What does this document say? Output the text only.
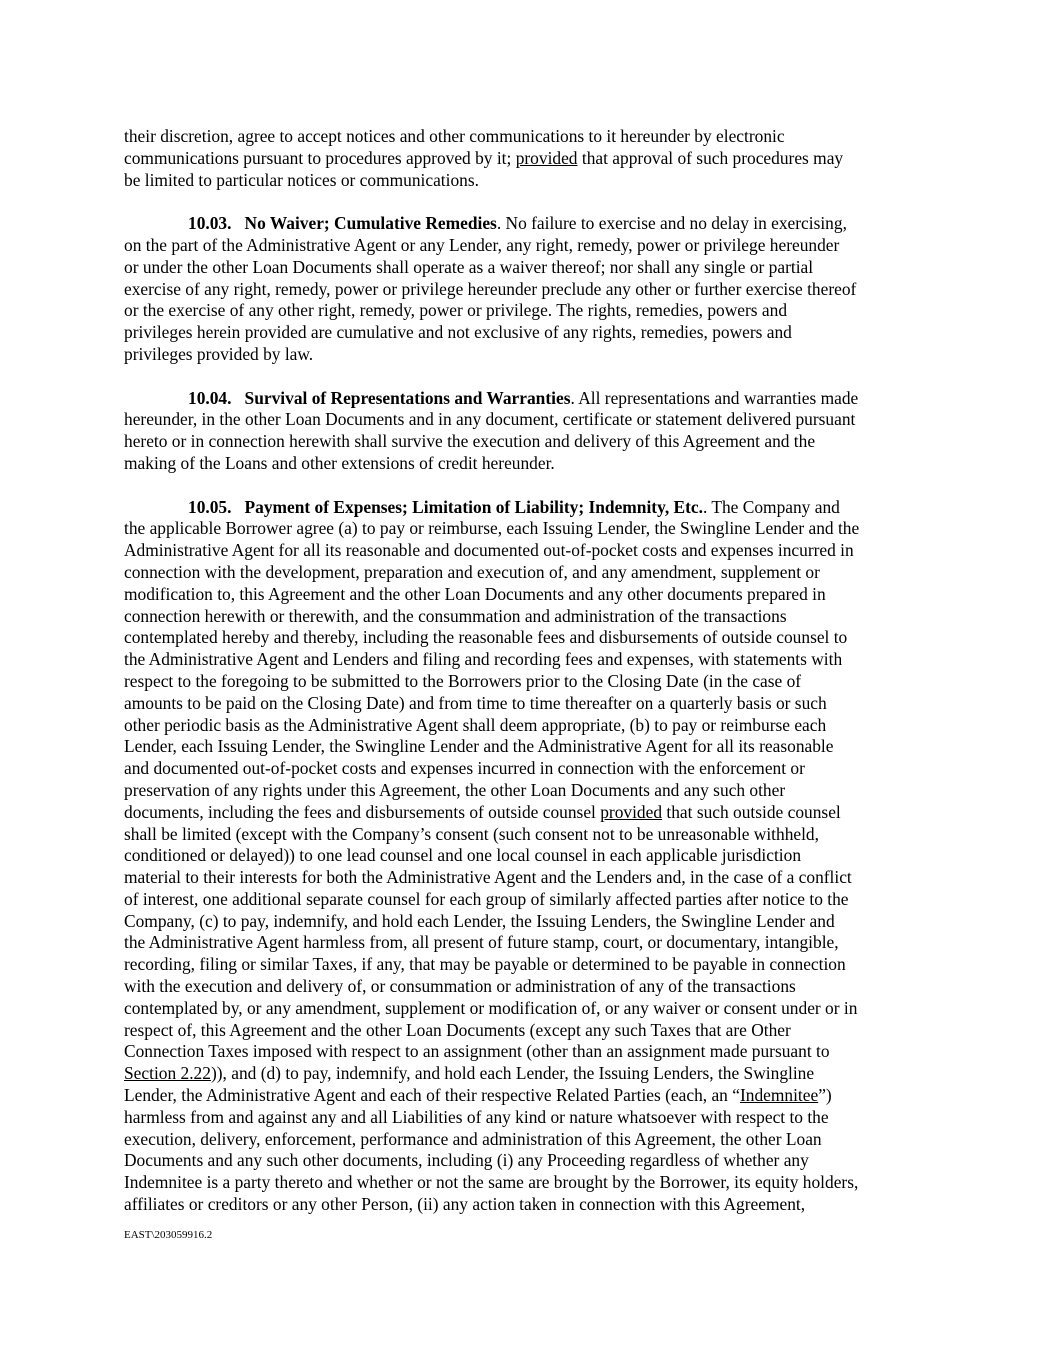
their discretion, agree to accept notices and other communications to it hereunder by electronic
communications pursuant to procedures approved by it; provided that approval of such procedures may
be limited to particular notices or communications.
10.03. No Waiver; Cumulative Remedies. No failure to exercise and no delay in exercising,
on the part of the Administrative Agent or any Lender, any right, remedy, power or privilege hereunder
or under the other Loan Documents shall operate as a waiver thereof; nor shall any single or partial
exercise of any right, remedy, power or privilege hereunder preclude any other or further exercise thereof
or the exercise of any other right, remedy, power or privilege. The rights, remedies, powers and
privileges herein provided are cumulative and not exclusive of any rights, remedies, powers and
privileges provided by law.
10.04. Survival of Representations and Warranties. All representations and warranties made
hereunder, in the other Loan Documents and in any document, certificate or statement delivered pursuant
hereto or in connection herewith shall survive the execution and delivery of this Agreement and the
making of the Loans and other extensions of credit hereunder.
10.05. Payment of Expenses; Limitation of Liability; Indemnity, Etc.. The Company and
the applicable Borrower agree (a) to pay or reimburse, each Issuing Lender, the Swingline Lender and the
Administrative Agent for all its reasonable and documented out-of-pocket costs and expenses incurred in
connection with the development, preparation and execution of, and any amendment, supplement or
modification to, this Agreement and the other Loan Documents and any other documents prepared in
connection herewith or therewith, and the consummation and administration of the transactions
contemplated hereby and thereby, including the reasonable fees and disbursements of outside counsel to
the Administrative Agent and Lenders and filing and recording fees and expenses, with statements with
respect to the foregoing to be submitted to the Borrowers prior to the Closing Date (in the case of
amounts to be paid on the Closing Date) and from time to time thereafter on a quarterly basis or such
other periodic basis as the Administrative Agent shall deem appropriate, (b) to pay or reimburse each
Lender, each Issuing Lender, the Swingline Lender and the Administrative Agent for all its reasonable
and documented out-of-pocket costs and expenses incurred in connection with the enforcement or
preservation of any rights under this Agreement, the other Loan Documents and any such other
documents, including the fees and disbursements of outside counsel provided that such outside counsel
shall be limited (except with the Company’s consent (such consent not to be unreasonable withheld,
conditioned or delayed)) to one lead counsel and one local counsel in each applicable jurisdiction
material to their interests for both the Administrative Agent and the Lenders and, in the case of a conflict
of interest, one additional separate counsel for each group of similarly affected parties after notice to the
Company, (c) to pay, indemnify, and hold each Lender, the Issuing Lenders, the Swingline Lender and
the Administrative Agent harmless from, all present of future stamp, court, or documentary, intangible,
recording, filing or similar Taxes, if any, that may be payable or determined to be payable in connection
with the execution and delivery of, or consummation or administration of any of the transactions
contemplated by, or any amendment, supplement or modification of, or any waiver or consent under or in
respect of, this Agreement and the other Loan Documents (except any such Taxes that are Other
Connection Taxes imposed with respect to an assignment (other than an assignment made pursuant to
Section 2.22)), and (d) to pay, indemnify, and hold each Lender, the Issuing Lenders, the Swingline
Lender, the Administrative Agent and each of their respective Related Parties (each, an “Indemnitee”)
harmless from and against any and all Liabilities of any kind or nature whatsoever with respect to the
execution, delivery, enforcement, performance and administration of this Agreement, the other Loan
Documents and any such other documents, including (i) any Proceeding regardless of whether any
Indemnitee is a party thereto and whether or not the same are brought by the Borrower, its equity holders,
affiliates or creditors or any other Person, (ii) any action taken in connection with this Agreement,
EAST\203059916.2
